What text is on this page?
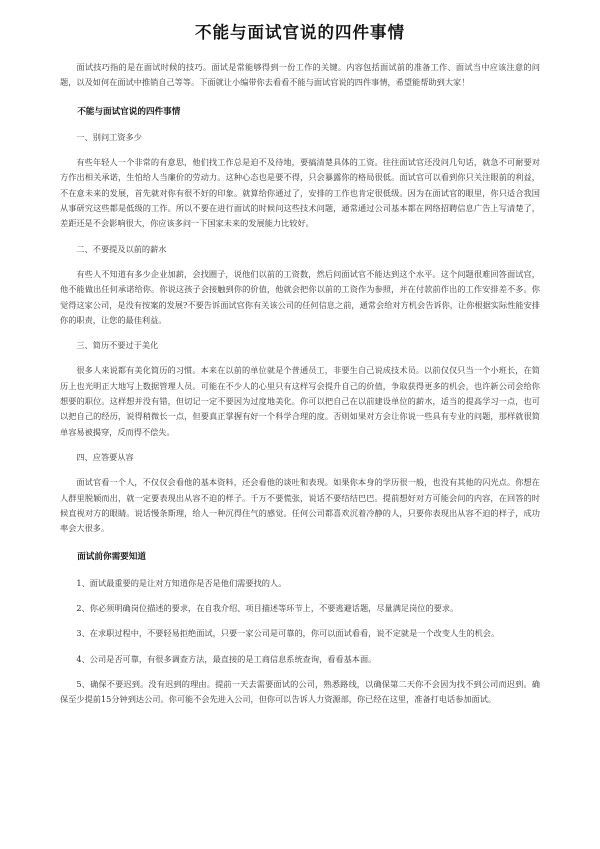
不能与面试官说的四件事情

面试技巧指的是在面试时候的技巧。面试是常能够得到一份工作的关键。内容包括面试前的准备工作、面试当中应该注意的问题，以及如何在面试中推销自己等等。下面就让小编带你去看看不能与面试官说的四件事情，希望能帮助到大家！

不能与面试官说的四件事情

一、别问工资多少

有些年轻人一个非常的有意思，他们找工作总是迫不及待地，要搞清楚具体的工资。往往面试官还没问几句话，就急不可耐要对方作出相关承诺，生怕给人当廉价的劳动力。这种心态也是要不得，只会暴露你的格局很低。面试官可以看到你只关注眼前的利益，不在意未来的发展，首先就对你有很不好的印象。就算给你通过了，安排的工作也肯定很低级。因为在面试官的眼里，你只适合我国从事研究这些都是低级的工作。所以不要在进行面试的时候问这些技术问题，通常通过公司基本都在网络招聘信息广告上写清楚了，差距还是不会影响很大，你应该多问一下国家未来的发展能力比较好。

二、不要提及以前的薪水

有些人不知道有多少企业加薪，会找圈子，说他们以前的工资数，然后问面试官不能达到这个水平。这个问题很难回答面试官，他不能做出任何承诺给你。你说这孩子会接触到你的价值，他就会把你以前的工资作为参照，并在付款前作出的工作安排差不多。你觉得这家公司，是没有按案的发展?不要告诉面试官你有关该公司的任何信息之前，通常会给对方机会告诉你，让你根据实际性能安排你的职责，让您的最佳利益。

三、简历不要过于美化

很多人来说都有美化简历的习惯。本来在以前的单位就是个普通员工，非要生自己说成技术员。以前仅仅只当一个小班长，在简历上也光明正大地写上数据管理人员。可能在不少人的心里只有这样写会提升自己的价值，争取获得更多的机会，也许新公司会给你想要的职位。这样想并没有错，但切记一定不要因为过度地美化。你可以把自己在以前建设单位的薪水，适当的提高学习一点，也可以把自己的经历，说得稍微长一点，但要真正掌握有好一个科学合理的度。否则如果对方会让你说一些具有专业的问题，那样就很简单容易被揭穿，反而得不偿失。

四、应答要从容

面试官看一个人，不仅仅会看他的基本资料，还会看他的谈吐和表现。如果你本身的学历很一般，也没有其他的闪光点。你想在人群里脱颖而出，就一定要表现出从容不迫的样子。千万不要慌张，说话不要结结巴巴。提前想好对方可能会问的内容，在回答的时候直视对方的眼睛。说话慢条斯理，给人一种沉得住气的感觉。任何公司都喜欢沉着冷静的人，只要你表现出从容不迫的样子，成功率会大很多。

面试前你需要知道

1、面试最重要的是让对方知道你是否是他们需要找的人。

2、你必须明确岗位描述的要求，在自我介绍、项目描述等环节上，不要逃避话题，尽量满足岗位的要求。

3、在求职过程中，不要轻易拒绝面试，只要一家公司是可靠的，你可以面试看看，说不定就是一个改变人生的机会。

4、公司是否可靠，有很多调查方法，最直接的是工商信息系统查询，看看基本面。

5、确保不要迟到。没有迟到的理由。提前一天去需要面试的公司，熟悉路线，以确保第二天你不会因为找不到公司而迟到。确保至少提前15分钟到达公司。你可能不会先进入公司，但你可以告诉人力资源部，你已经在这里，准备打电话参加面试。
